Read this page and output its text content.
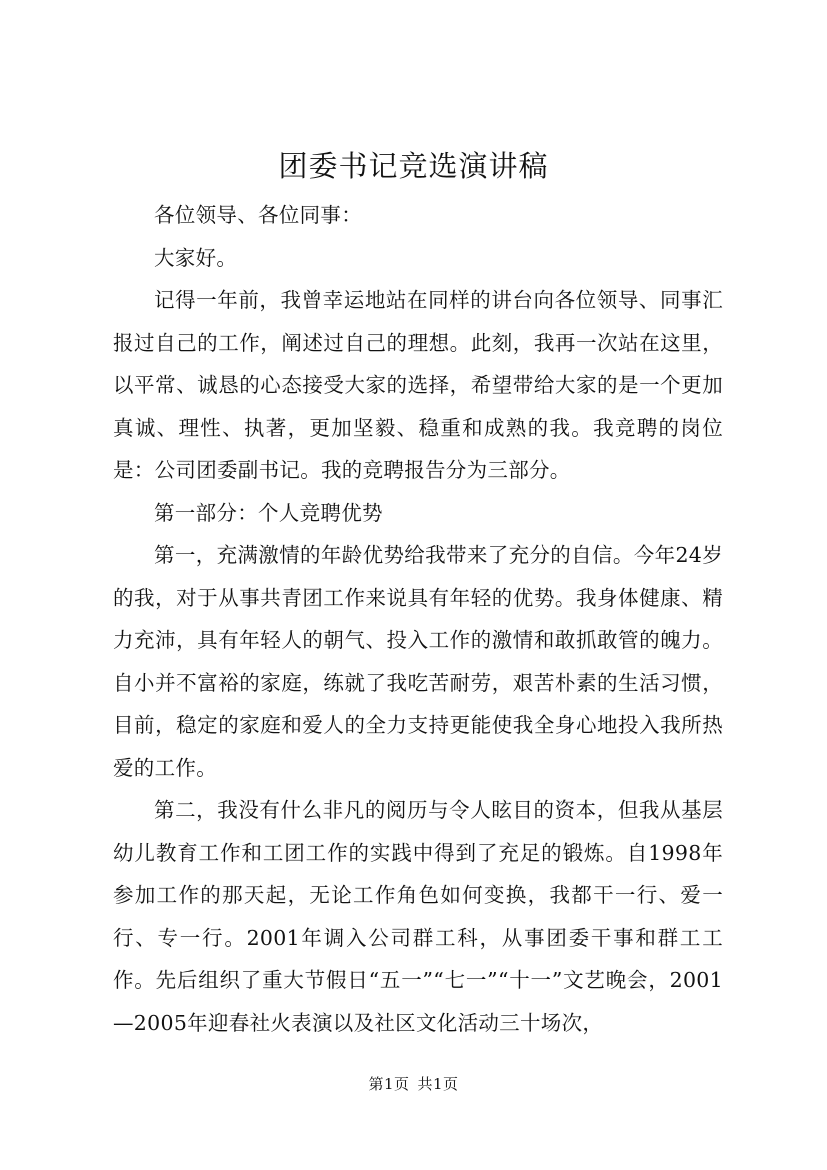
团委书记竞选演讲稿

各位领导、各位同事：

大家好。

记得一年前，我曾幸运地站在同样的讲台向各位领导、同事汇报过自己的工作，阐述过自己的理想。此刻，我再一次站在这里，以平常、诚恳的心态接受大家的选择，希望带给大家的是一个更加真诚、理性、执著，更加坚毅、稳重和成熟的我。我竞聘的岗位是：公司团委副书记。我的竞聘报告分为三部分。

第一部分：个人竞聘优势

第一，充满激情的年龄优势给我带来了充分的自信。今年24岁的我，对于从事共青团工作来说具有年轻的优势。我身体健康、精力充沛，具有年轻人的朝气、投入工作的激情和敢抓敢管的魄力。自小并不富裕的家庭，练就了我吃苦耐劳，艰苦朴素的生活习惯，目前，稳定的家庭和爱人的全力支持更能使我全身心地投入我所热爱的工作。

第二，我没有什么非凡的阅历与令人眩目的资本，但我从基层幼儿教育工作和工团工作的实践中得到了充足的锻炼。自1998年参加工作的那天起，无论工作角色如何变换，我都干一行、爱一行、专一行。2001年调入公司群工科，从事团委干事和群工工作。先后组织了重大节假日“五一”“七一”“十一”文艺晚会，2001—2005年迎春社火表演以及社区文化活动三十场次，

第1页 共1页
